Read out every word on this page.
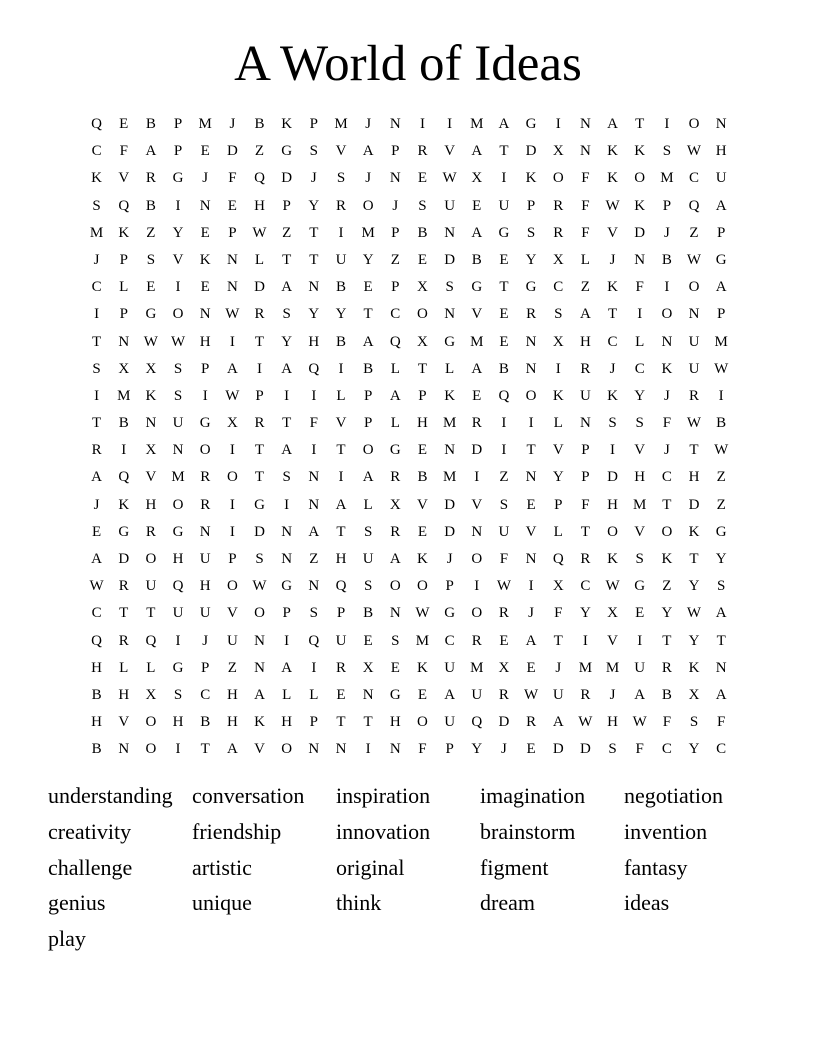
A World of Ideas
Q	E	B	P	M	J	B	K	P	M	J	N	I	I	M	A	G	I	N	A	T	I	O	N
C	F	A	P	E	D	Z	G	S	V	A	P	R	V	A	T	D	X	N	K	K	S	W H
K	V	R	G	J	F	Q	D	J	S	J	N	E	W X	I	K	O	F	K	O	M	C	U
S	Q	B	I	N	E	H	P	Y	R	O	J	S	U	E	U	P	R	F	W K	P	Q	A
M	K	Z	Y	E	P	W	Z	T	I	M	P	B	N	A	G	S	R	F	V	D	J	Z	P
J	P	S	V	K	N	L	T	T	U	Y	Z	E	D	B	E	Y	X	L	J	N	B	W G
C	L	E	I	E	N	D	A	N	B	E	P	X	S	G	T	G	C	Z	K	F	I	O	A
I	P	G	O	N W	R	S	Y	Y	T	C	O	N	V	E	R	S	A	T	I	O	N	P
T	N W W H	I	T	Y	H	B	A	Q	X	G	M	E	N	X	H	C	L	N	U	M
S	X	X	S	P	A	I	A	Q	I	B	L	T	L	A	B	N	I	R	J	C	K	U W
I	M	K	S	I	W	P	I	I	L	P	A	P	K	E	Q	O	K	U	K	Y	J	R	I
T	B	N	U	G	X	R	T	F	V	P	L	H	M	R	I	I	L	N	S	S	F	W	B
R	I	X	N	O	I	T	A	I	T	O	G	E	N	D	I	T	V	P	I	V	J	T	W
A	Q	V	M	R	O	T	S	N	I	A	R	B	M	I	Z	N	Y	P	D	H	C	H	Z
J	K	H	O	R	I	G	I	N	A	L	X	V	D	V	S	E	P	F	H	M	T	D	Z
E	G	R	G	N	I	D	N	A	T	S	R	E	D	N	U	V	L	T	O	V	O	K	G
A	D	O	H	U	P	S	N	Z	H	U	A	K	J	O	F	N	Q	R	K	S	K	T	Y
W	R	U	Q	H	O W G	N	Q	S	O	O	P	I	W	I	X	C	W G	Z	Y	S
C	T	T	U	U	V	O	P	S	P	B	N W G	O	R	J	F	Y	X	E	Y W A
Q	R	Q	I	J	U	N	I	Q	U	E	S	M	C	R	E	A	T	I	V	I	T	Y	T
H	L	L	G	P	Z	N	A	I	R	X	E	K	U	M	X	E	J	M M	U	R	K	N
B	H	X	S	C	H	A	L	L	E	N	G	E	A	U	R	W U	R	J	A	B	X	A
H	V	O	H	B	H	K	H	P	T	T	H	O	U	Q	D	R	A W H W	F	S	F
B	N	O	I	T	A	V	O	N	N	I	N	F	P	Y	J	E	D	D	S	F	C	Y	C
understanding conversation	inspiration	imagination	negotiation
creativity	friendship	innovation	brainstorm	invention
challenge	artistic	original	figment	fantasy
genius	unique	think	dream	ideas
play
